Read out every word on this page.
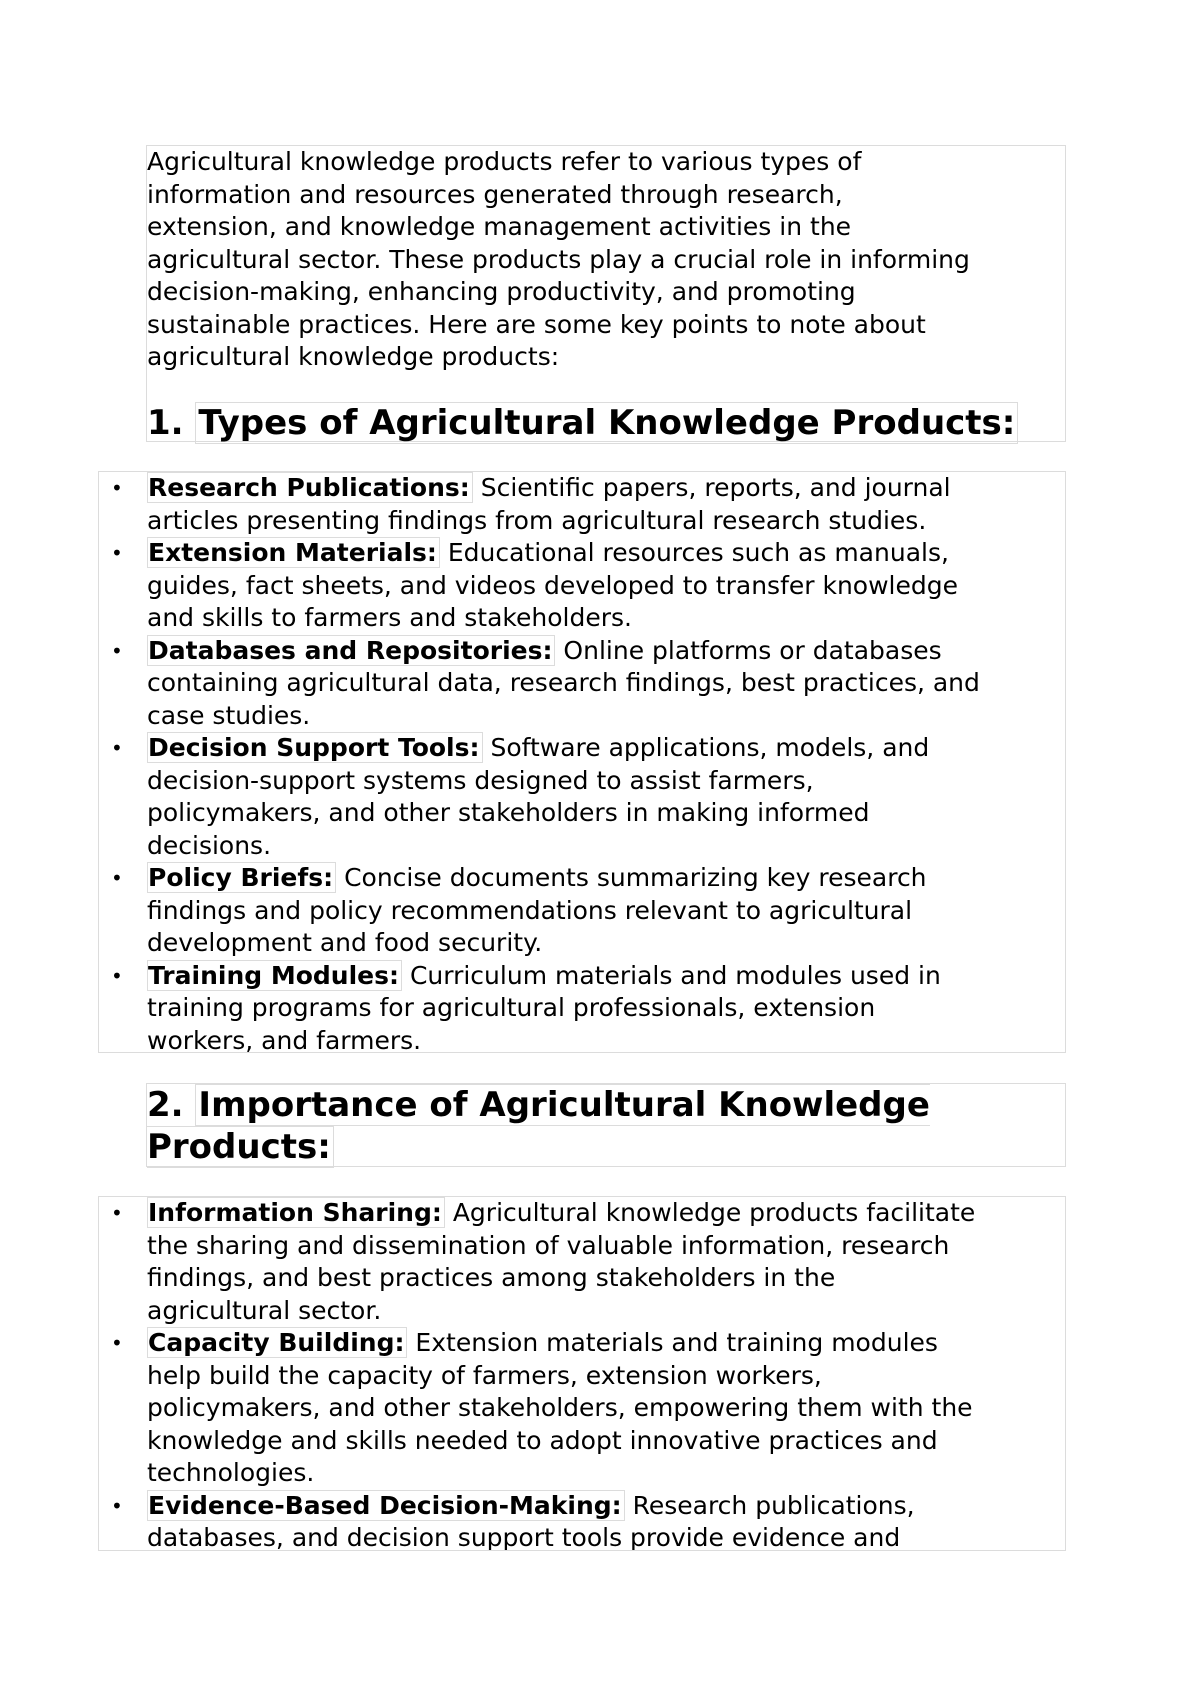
Agricultural knowledge products refer to various types of
information and resources generated through research,
extension, and knowledge management activities in the
agricultural sector. These products play a crucial role in informing
decision-making, enhancing productivity, and promoting
sustainable practices. Here are some key points to note about
agricultural knowledge products:

1. Types of Agricultural Knowledge Products:
• Research Publications: Scientific papers, reports, and journal
articles presenting findings from agricultural research studies.
• Extension Materials: Educational resources such as manuals,
guides, fact sheets, and videos developed to transfer knowledge
and skills to farmers and stakeholders.
• Databases and Repositories: Online platforms or databases
containing agricultural data, research findings, best practices, and
case studies.
• Decision Support Tools: Software applications, models, and
decision-support systems designed to assist farmers,
policymakers, and other stakeholders in making informed
decisions.
• Policy Briefs: Concise documents summarizing key research
findings and policy recommendations relevant to agricultural
development and food security.
• Training Modules: Curriculum materials and modules used in
training programs for agricultural professionals, extension
workers, and farmers.
2. Importance of Agricultural Knowledge
Products:
• Information Sharing: Agricultural knowledge products facilitate
the sharing and dissemination of valuable information, research
findings, and best practices among stakeholders in the
agricultural sector.
• Capacity Building: Extension materials and training modules
help build the capacity of farmers, extension workers,
policymakers, and other stakeholders, empowering them with the
knowledge and skills needed to adopt innovative practices and
technologies.
• Evidence-Based Decision-Making: Research publications,
databases, and decision support tools provide evidence and
